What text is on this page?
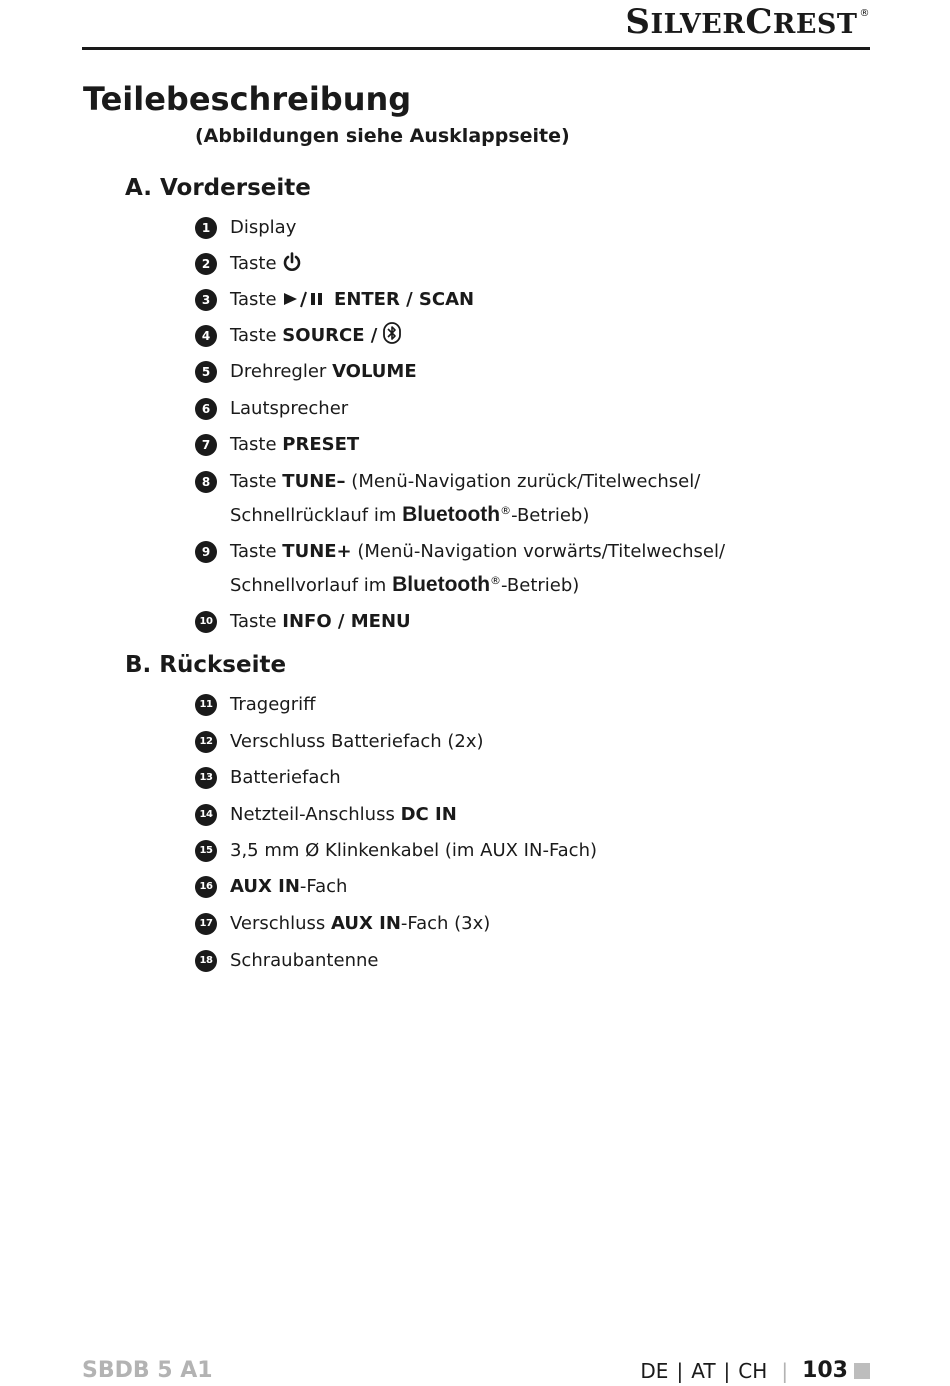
SILVERCREST ®
Teilebeschreibung
(Abbildungen siehe Ausklappseite)
A. Vorderseite
1	Display
2	Taste
3	Taste	ENTER / SCAN
4	Taste SOURCE /
5	Drehregler VOLUME
6	Lautsprecher
7	Taste PRESET
8	Taste TUNE– (Menü-Navigation zurück/Titelwechsel/
Schnellrücklauf im Bluetooth®-Betrieb)
9	Taste TUNE+ (Menü-Navigation vorwärts/Titelwechsel/
Schnellvorlauf im Bluetooth®-Betrieb)
10 Taste INFO / MENU
B. Rückseite
11 Tragegriff
12 Verschluss Batteriefach (2x)
13 Batteriefach
14 Netzteil-Anschluss DC IN
15 3,5 mm Ø Klinkenkabel (im AUX IN-Fach)
16 AUX IN-Fach
17 Verschluss AUX IN-Fach (3x)
18 Schraubantenne
SBDB 5 A1	DE | AT | CH | 103
